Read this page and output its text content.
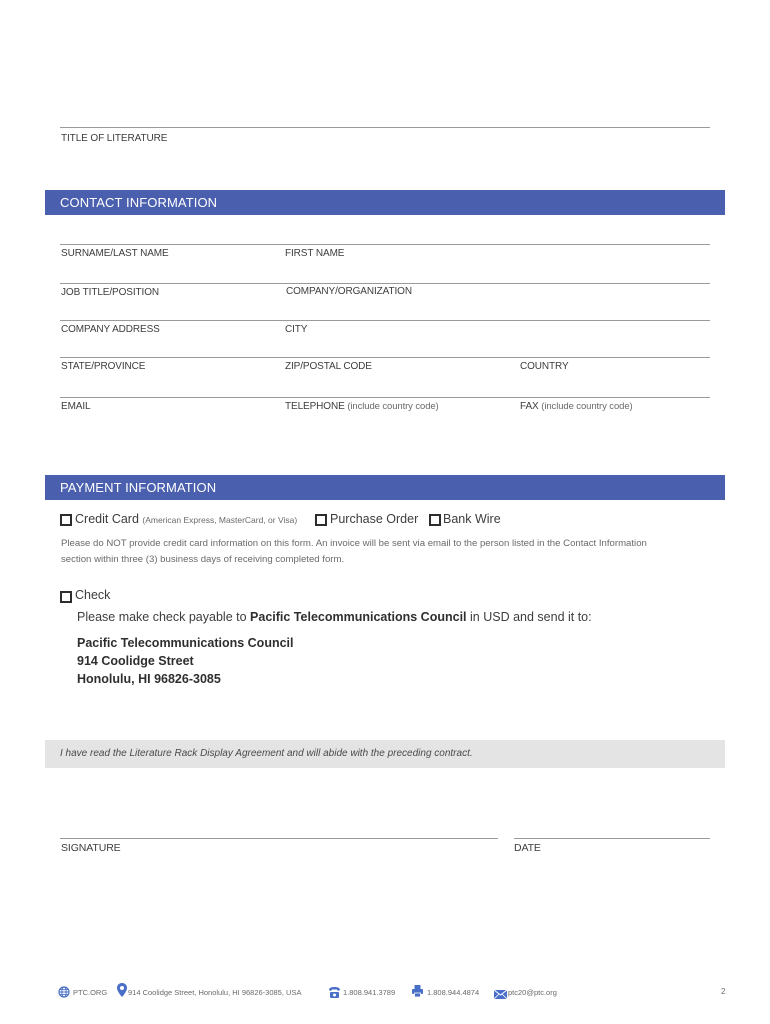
TITLE OF LITERATURE
CONTACT INFORMATION
SURNAME/LAST NAME	FIRST NAME
JOB TITLE/POSITION	COMPANY/ORGANIZATION
COMPANY ADDRESS	CITY
STATE/PROVINCE	ZIP/POSTAL CODE	COUNTRY
EMAIL	TELEPHONE (include country code)	FAX (include country code)
PAYMENT INFORMATION
Credit Card (American Express, MasterCard, or Visa)	Purchase Order Bank Wire
Please do NOT provide credit card information on this form. An invoice will be sent via email to the person listed in the Contact Information
section within three (3) business days of receiving completed form.
Check
Please make check payable to Pacific Telecommunications Council in USD and send it to:
Pacific Telecommunications Council
914 Coolidge Street
Honolulu, HI 96826-3085
I have read the Literature Rack Display Agreement and will abide with the preceding contract.
SIGNATURE	DATE
PTC.ORG	914 Coolidge Street, Honolulu, HI 96826-3085, USA	1.808.941.3789	1.808.944.4874	ptc20@ptc.org	2
